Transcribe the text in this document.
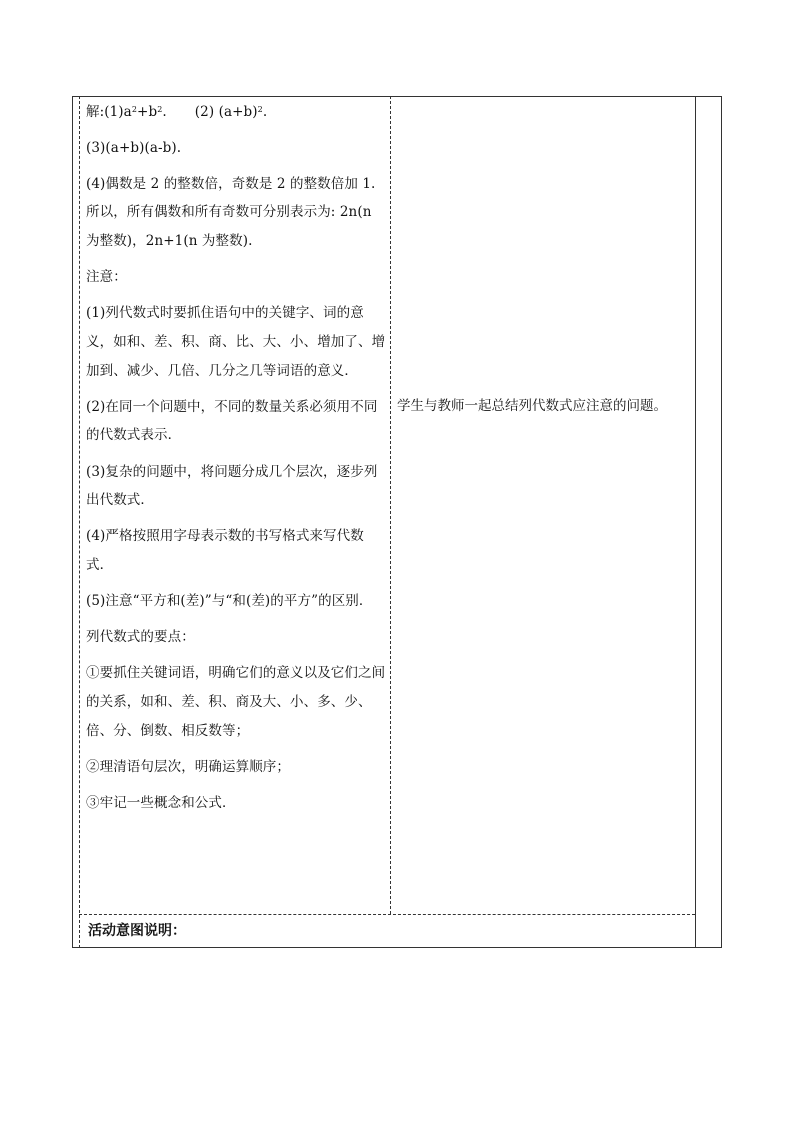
解$:(1)a^2+b^2$. (2) $(a+b)^2$.

(3)(a+b)(a-b).

(4)偶数是 2 的整数倍，奇数是 2 的整数倍加 1.所以，所有偶数和所有奇数可分别表示为: 2n(n 为整数)，2n+1(n 为整数).

注意：

(1)列代数式时要抓住语句中的关键字、词的意义，如和、差、积、商、比、大、小、增加了、增加到、减少、几倍、几分之几等词语的意义．

(2)在同一个问题中，不同的数量关系必须用不同的代数式表示．

(3)复杂的问题中，将问题分成几个层次，逐步列出代数式．

(4)严格按照用字母表示数的书写格式来写代数式．

(5)注意“平方和(差)”与“和(差)的平方”的区别．

列代数式的要点：

①要抓住关键词语，明确它们的意义以及它们之间的关系，如和、差、积、商及大、小、多、少、倍、分、倒数、相反数等；

②理清语句层次，明确运算顺序；

③牢记一些概念和公式．

学生与教师一起总结列代数式应注意的问题。
活动意图说明：
